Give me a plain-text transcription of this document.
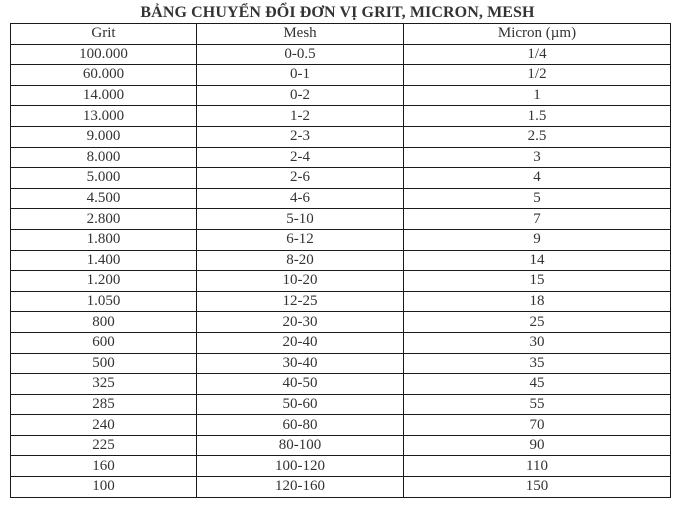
BẢNG CHUYỂN ĐỔI ĐƠN VỊ GRIT, MICRON, MESH
Grit	Mesh	Micron (µm)
100.000	0-0.5	1/4
60.000	0-1	1/2
14.000	0-2	1
13.000	1-2	1.5
9.000	2-3	2.5
8.000	2-4	3
5.000	2-6	4
4.500	4-6	5
2.800	5-10	7
1.800	6-12	9
1.400	8-20	14
1.200	10-20	15
1.050	12-25	18
800	20-30	25
600	20-40	30
500	30-40	35
325	40-50	45
285	50-60	55
240	60-80	70
225	80-100	90
160	100-120	110
100	120-160	150
